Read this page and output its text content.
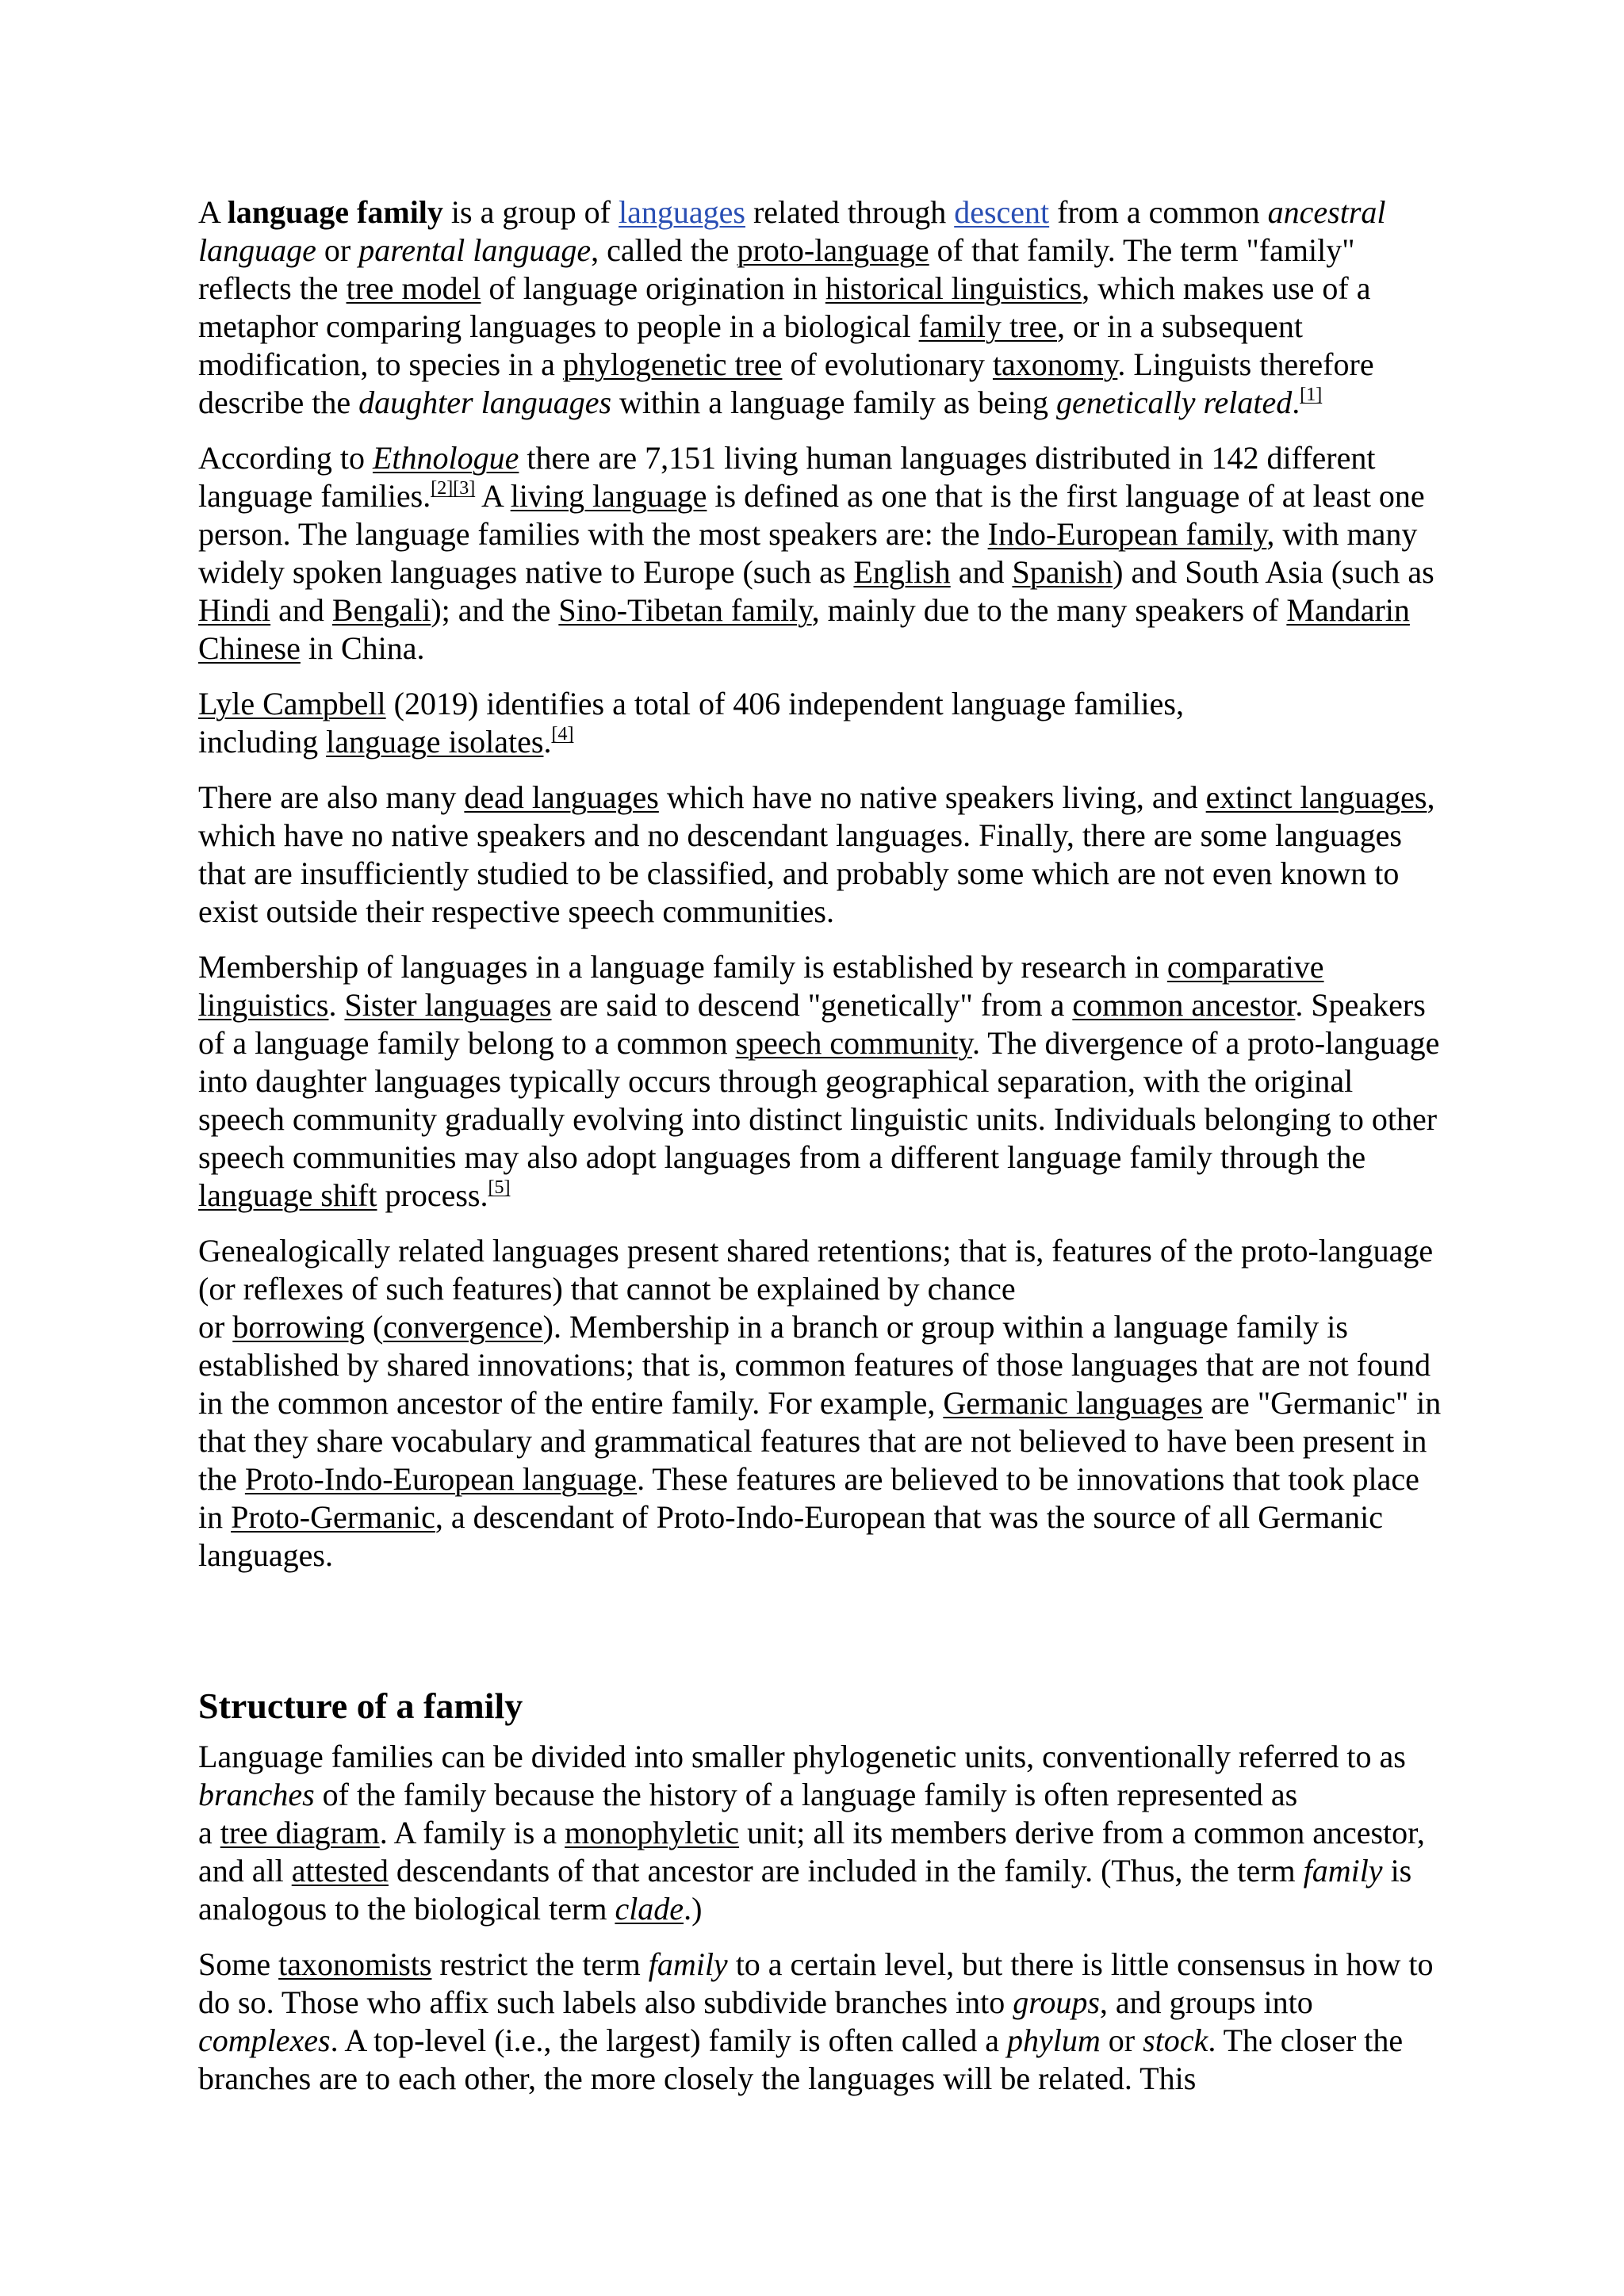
A language family is a group of languages related through descent from a common ancestral language or parental language, called the proto-language of that family. The term "family" reflects the tree model of language origination in historical linguistics, which makes use of a metaphor comparing languages to people in a biological family tree, or in a subsequent modification, to species in a phylogenetic tree of evolutionary taxonomy. Linguists therefore describe the daughter languages within a language family as being genetically related.[1]

According to Ethnologue there are 7,151 living human languages distributed in 142 different language families.[2][3] A living language is defined as one that is the first language of at least one person. The language families with the most speakers are: the Indo-European family, with many widely spoken languages native to Europe (such as English and Spanish) and South Asia (such as Hindi and Bengali); and the Sino-Tibetan family, mainly due to the many speakers of Mandarin Chinese in China.

Lyle Campbell (2019) identifies a total of 406 independent language families,
including language isolates.[4]

There are also many dead languages which have no native speakers living, and extinct languages, which have no native speakers and no descendant languages. Finally, there are some languages that are insufficiently studied to be classified, and probably some which are not even known to exist outside their respective speech communities.

Membership of languages in a language family is established by research in comparative linguistics. Sister languages are said to descend "genetically" from a common ancestor. Speakers of a language family belong to a common speech community. The divergence of a proto-language into daughter languages typically occurs through geographical separation, with the original speech community gradually evolving into distinct linguistic units. Individuals belonging to other speech communities may also adopt languages from a different language family through the language shift process.[5]

Genealogically related languages present shared retentions; that is, features of the proto-language (or reflexes of such features) that cannot be explained by chance
or borrowing (convergence). Membership in a branch or group within a language family is established by shared innovations; that is, common features of those languages that are not found in the common ancestor of the entire family. For example, Germanic languages are "Germanic" in that they share vocabulary and grammatical features that are not believed to have been present in the Proto-Indo-European language. These features are believed to be innovations that took place in Proto-Germanic, a descendant of Proto-Indo-European that was the source of all Germanic languages.

Structure of a family

Language families can be divided into smaller phylogenetic units, conventionally referred to as branches of the family because the history of a language family is often represented as
a tree diagram. A family is a monophyletic unit; all its members derive from a common ancestor, and all attested descendants of that ancestor are included in the family. (Thus, the term family is analogous to the biological term clade.)

Some taxonomists restrict the term family to a certain level, but there is little consensus in how to do so. Those who affix such labels also subdivide branches into groups, and groups into complexes. A top-level (i.e., the largest) family is often called a phylum or stock. The closer the branches are to each other, the more closely the languages will be related. This
